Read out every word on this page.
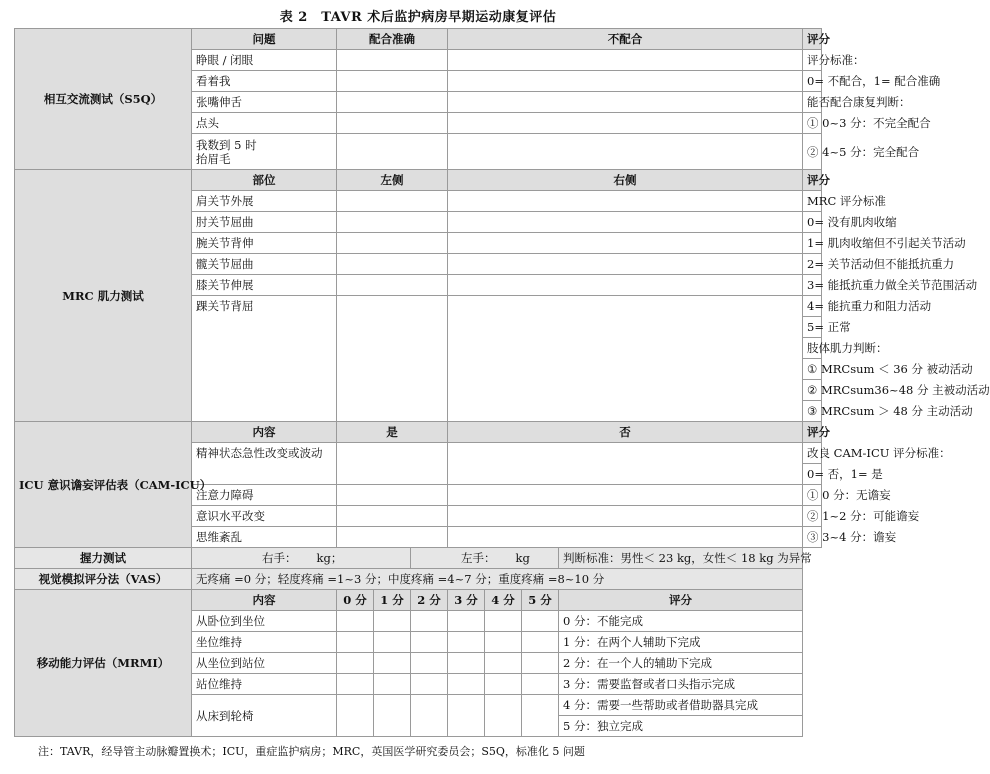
表 2　TAVR 术后监护病房早期运动康复评估
相互交流测试（S5Q）	问题	配合准确			不配合				评分
	睁眼 / 闭眼								评分标准：
	看着我								0= 不配合，1= 配合准确
	张嘴伸舌								能否配合康复判断：
	点头								① 0~3 分：不完全配合

	我数到 5 时
抬眉毛								② 4~5 分：完全配合
MRC 肌力测试	部位	左侧			右侧				评分
	肩关节外展								MRC 评分标准
	肘关节屈曲								0= 没有肌肉收缩
	腕关节背伸								1= 肌肉收缩但不引起关节活动
	髋关节屈曲								2= 关节活动但不能抵抗重力
	膝关节伸展								3= 能抵抗重力做全关节范围活动
	踝关节背屈								4= 能抗重力和阻力活动
									5= 正常
									肢体肌力判断：
									① MRCsum ＜ 36 分 被动活动
									② MRCsum36~48 分 主被动活动
									③ MRCsum ＞ 48 分 主动活动
ICU 意识谵妄评估表（CAM-ICU）	内容	是			否				评分
	精神状态急性改变或波动								改良 CAM-ICU 评分标准：
									0= 否，1= 是
	注意力障碍								① 0 分：无谵妄
	意识水平改变								② 1~2 分：可能谵妄
	思维紊乱								③ 3~4 分：谵妄
握力测试	右手： kg；			左手： kg				判断标准：男性＜ 23 kg，女性＜ 18 kg 为异常	
视觉模拟评分法（VAS）	无疼痛 =0 分；轻度疼痛 =1~3 分；中度疼痛 =4~7 分；重度疼痛 =8~10 分								
移动能力评估（MRMI）	内容	0 分	1 分	2 分	3 分	4 分	5 分	评分	
	从卧位到坐位							0 分：不能完成	
	坐位维持							1 分：在两个人辅助下完成	
	从坐位到站位							2 分：在一个人的辅助下完成	
	站位维持							3 分：需要监督或者口头指示完成	
	从床到轮椅							4 分：需要一些帮助或者借助器具完成	
								5 分：独立完成	
注：TAVR，经导管主动脉瓣置换术；ICU，重症监护病房；MRC，英国医学研究委员会；S5Q，标准化 5 问题
